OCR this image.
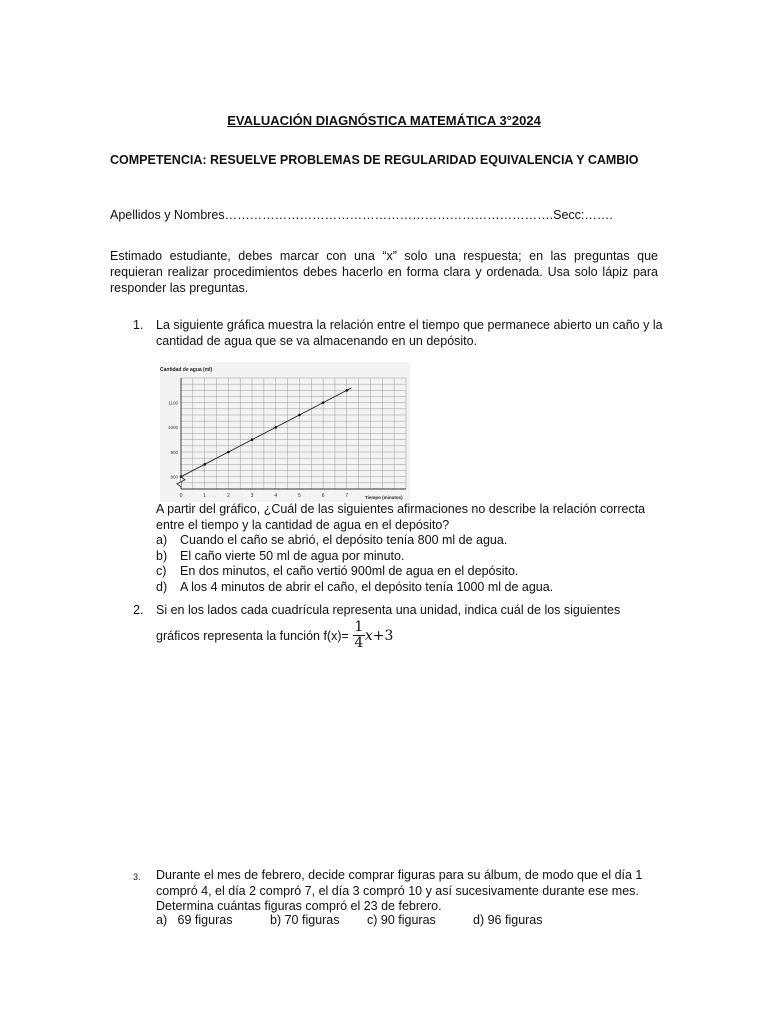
EVALUACIÓN DIAGNÓSTICA MATEMÁTICA 3°2024
COMPETENCIA: RESUELVE PROBLEMAS DE REGULARIDAD EQUIVALENCIA Y CAMBIO
Apellidos y Nombres…………………………………………………………………….Secc:…….
Estimado estudiante, debes marcar con una “x” solo una respuesta; en las preguntas que requieran realizar procedimientos debes hacerlo en forma clara y ordenada. Usa solo lápiz para responder las preguntas.
1. La siguiente gráfica muestra la relación entre el tiempo que permanece abierto un caño y la cantidad de agua que se va almacenando en un depósito.
0	1	2	3	4	5	6	7
800
900
1000
1100
Cantidad de agua (ml)
Tiempo (minutos)
A partir del gráfico, ¿Cuál de las siguientes afirmaciones no describe la relación correcta entre el tiempo y la cantidad de agua en el depósito?
a)	Cuando el caño se abrió, el depósito tenía 800 ml de agua.
b)	El caño vierte 50 ml de agua por minuto.
c)	En dos minutos, el caño vertió 900ml de agua en el depósito.
d)	A los 4 minutos de abrir el caño, el depósito tenía 1000 ml de agua.
2. Si en los lados cada cuadrícula representa una unidad, indica cuál de los siguientes
gráficos representa la función $f(x)= \frac{1}{4} x+3$
3. Durante el mes de febrero, decide comprar figuras para su álbum, de modo que el día 1 compró 4, el día 2 compró 7, el día 3 compró 10 y así sucesivamente durante ese mes. Determina cuántas figuras compró el 23 de febrero.
a) 69 figuras	b) 70 figuras	c) 90 figuras	d) 96 figuras
